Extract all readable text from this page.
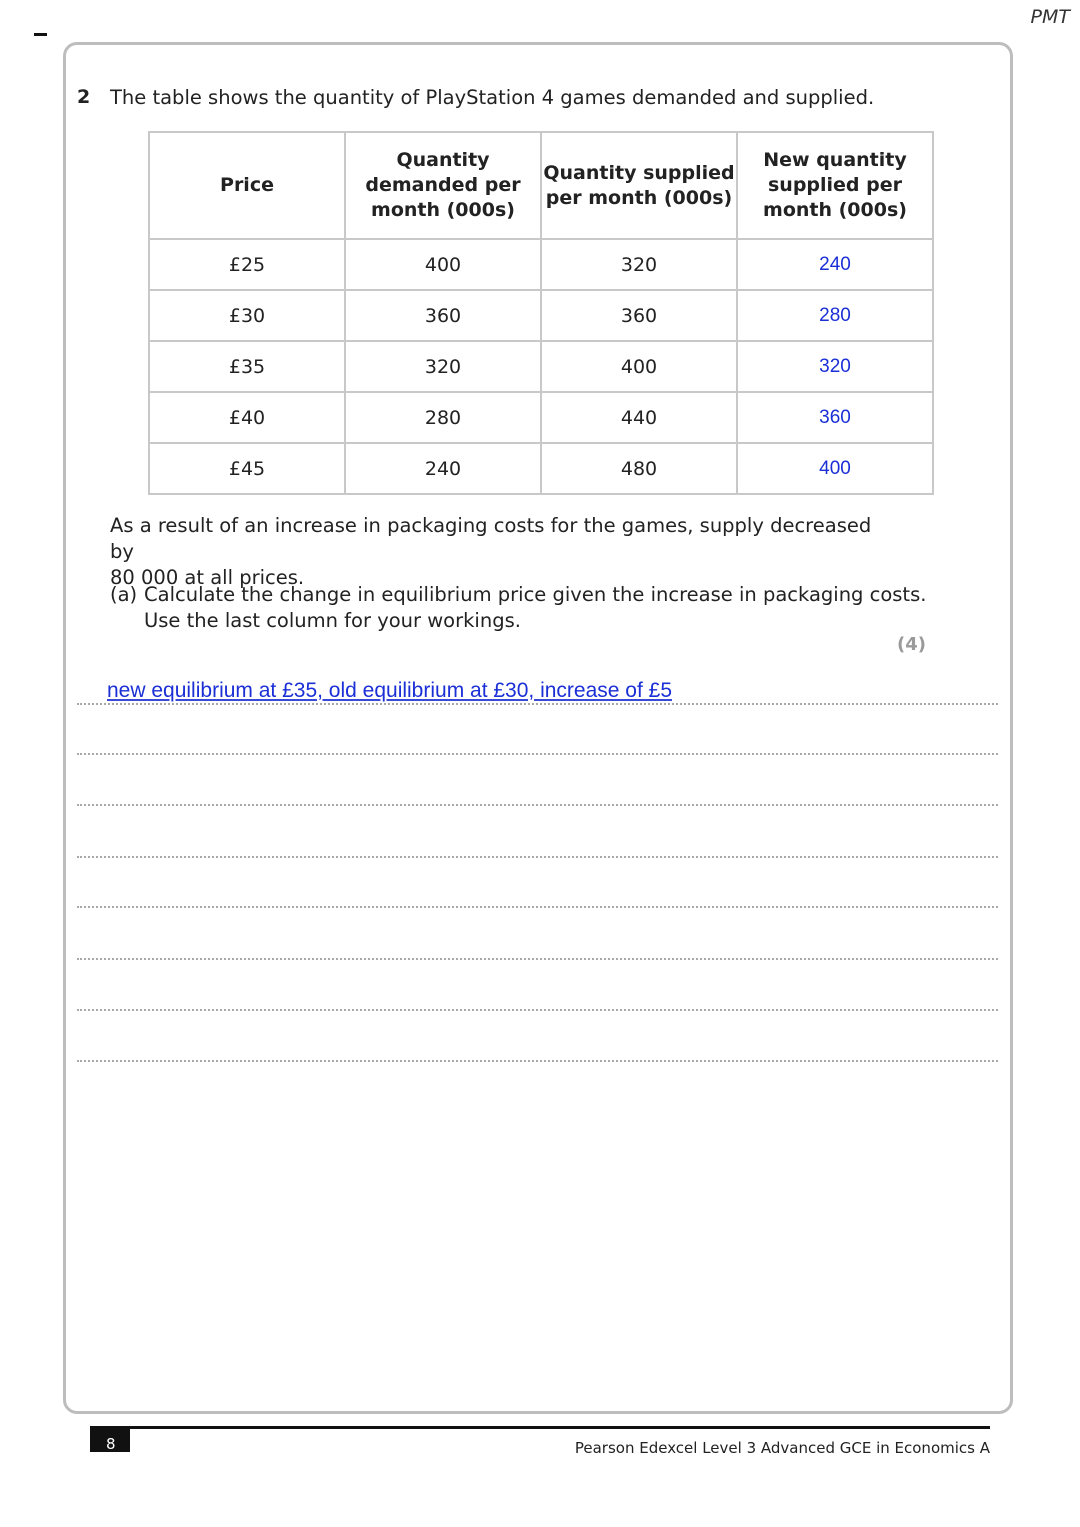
PMT
2 The table shows the quantity of PlayStation 4 games demanded and supplied.
Price	Quantity demanded per month (000s)	Quantity supplied per month (000s)	New quantity supplied per month (000s)
£25	400	320	240
£30	360	360	280
£35	320	400	320
£40	280	440	360
£45	240	480	400
As a result of an increase in packaging costs for the games, supply decreased by
80 000 at all prices.
(a) Calculate the change in equilibrium price given the increase in packaging costs.
Use the last column for your workings.
(4)
new equilibrium at £35, old equilibrium at £30, increase of £5
8	Pearson Edexcel Level 3 Advanced GCE in Economics A
